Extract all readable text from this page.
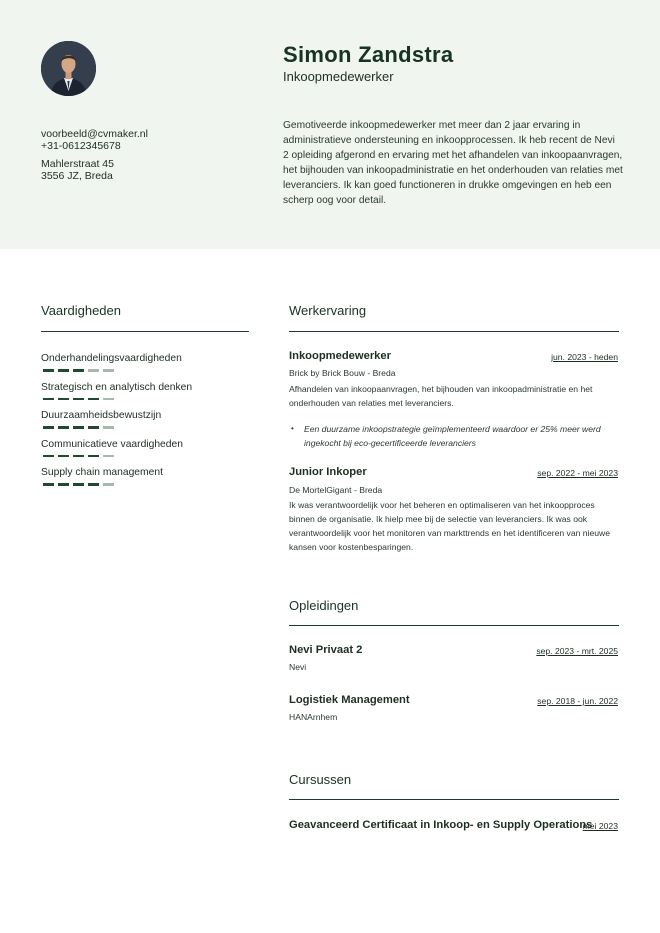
Simon Zandstra
Inkoopmedewerker
voorbeeld@cvmaker.nl
+31-0612345678
Mahlerstraat 45
3556 JZ, Breda
Gemotiveerde inkoopmedewerker met meer dan 2 jaar ervaring in administratieve ondersteuning en inkoopprocessen. Ik heb recent de Nevi 2 opleiding afgerond en ervaring met het afhandelen van inkoopaanvragen, het bijhouden van inkoopadministratie en het onderhouden van relaties met leveranciers. Ik kan goed functioneren in drukke omgevingen en heb een scherp oog voor detail.
Vaardigheden
Onderhandelingsvaardigheden
Strategisch en analytisch denken
Duurzaamheidsbewustzijn
Communicatieve vaardigheden
Supply chain management
Werkervaring
Inkoopmedewerker	jun. 2023 - heden
Brick by Brick Bouw - Breda
Afhandelen van inkoopaanvragen, het bijhouden van inkoopadministratie en het onderhouden van relaties met leveranciers.
• Een duurzame inkoopstrategie geïmplementeerd waardoor er 25% meer werd ingekocht bij eco-gecertificeerde leveranciers
Junior Inkoper	sep. 2022 - mei 2023
De MortelGigant - Breda
Ik was verantwoordelijk voor het beheren en optimaliseren van het inkoopproces binnen de organisatie. Ik hielp mee bij de selectie van leveranciers. Ik was ook verantwoordelijk voor het monitoren van markttrends en het identificeren van nieuwe kansen voor kostenbesparingen.
Opleidingen
Nevi Privaat 2	sep. 2023 - mrt. 2025
Nevi
Logistiek Management	sep. 2018 - jun. 2022
HANArnhem
Cursussen
Geavanceerd Certificaat in Inkoop- en Supply Operations
mei 2023
